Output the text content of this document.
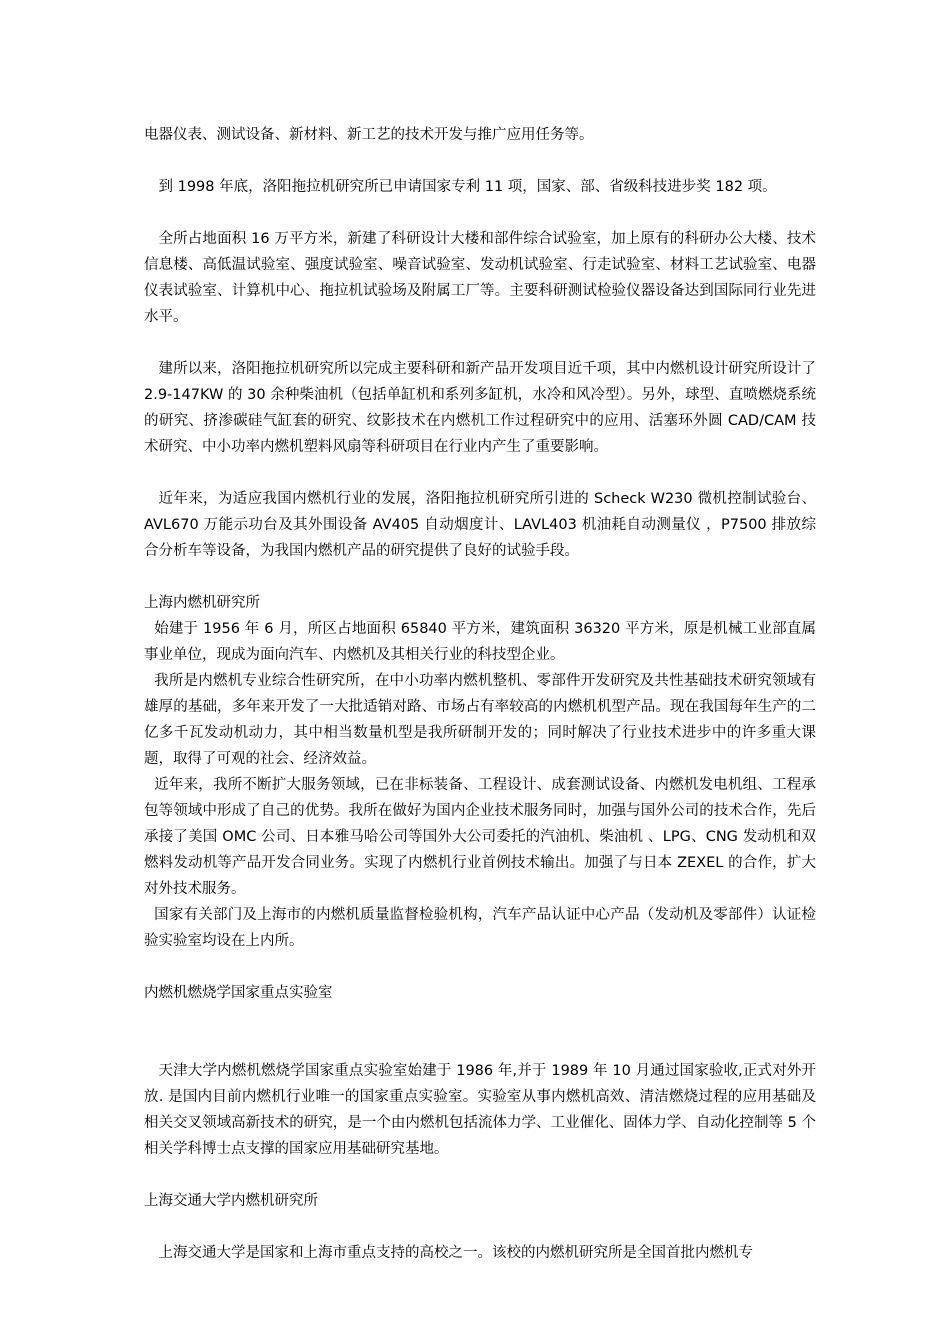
电器仪表、测试设备、新材料、新工艺的技术开发与推广应用任务等。

到 1998 年底，洛阳拖拉机研究所已申请国家专利 11 项，国家、部、省级科技进步奖 182 项。

全所占地面积 16 万平方米，新建了科研设计大楼和部件综合试验室，加上原有的科研办公大楼、技术信息楼、高低温试验室、强度试验室、噪音试验室、发动机试验室、行走试验室、材料工艺试验室、电器仪表试验室、计算机中心、拖拉机试验场及附属工厂等。主要科研测试检验仪器设备达到国际同行业先进水平。

建所以来，洛阳拖拉机研究所以完成主要科研和新产品开发项目近千项，其中内燃机设计研究所设计了 2.9-147KW 的 30 余种柴油机（包括单缸机和系列多缸机，水冷和风冷型）。另外，球型、直喷燃烧系统的研究、挤渗碳硅气缸套的研究、纹影技术在内燃机工作过程研究中的应用、活塞环外圆 CAD/CAM 技术研究、中小功率内燃机塑料风扇等科研项目在行业内产生了重要影响。

近年来，为适应我国内燃机行业的发展，洛阳拖拉机研究所引进的 Scheck W230 微机控制试验台、AVL670 万能示功台及其外围设备 AV405 自动烟度计、LAVL403 机油耗自动测量仪 ，P7500 排放综合分析车等设备，为我国内燃机产品的研究提供了良好的试验手段。

上海内燃机研究所

始建于 1956 年 6 月，所区占地面积 65840 平方米，建筑面积 36320 平方米，原是机械工业部直属事业单位，现成为面向汽车、内燃机及其相关行业的科技型企业。

我所是内燃机专业综合性研究所，在中小功率内燃机整机、零部件开发研究及共性基础技术研究领域有雄厚的基础，多年来开发了一大批适销对路、市场占有率较高的内燃机机型产品。现在我国每年生产的二亿多千瓦发动机动力，其中相当数量机型是我所研制开发的；同时解决了行业技术进步中的许多重大课题，取得了可观的社会、经济效益。

近年来，我所不断扩大服务领域，已在非标装备、工程设计、成套测试设备、内燃机发电机组、工程承包等领域中形成了自己的优势。我所在做好为国内企业技术服务同时，加强与国外公司的技术合作，先后承接了美国 OMC 公司、日本雅马哈公司等国外大公司委托的汽油机、柴油机 、LPG、CNG 发动机和双燃料发动机等产品开发合同业务。实现了内燃机行业首例技术输出。加强了与日本 ZEXEL 的合作，扩大对外技术服务。

国家有关部门及上海市的内燃机质量监督检验机构，汽车产品认证中心产品（发动机及零部件）认证检验实验室均设在上内所。

内燃机燃烧学国家重点实验室

天津大学内燃机燃烧学国家重点实验室始建于 1986 年,并于 1989 年 10 月通过国家验收,正式对外开放. 是国内目前内燃机行业唯一的国家重点实验室。实验室从事内燃机高效、清洁燃烧过程的应用基础及相关交叉领域高新技术的研究，是一个由内燃机包括流体力学、工业催化、固体力学、自动化控制等 5 个相关学科博士点支撑的国家应用基础研究基地。

上海交通大学内燃机研究所

上海交通大学是国家和上海市重点支持的高校之一。该校的内燃机研究所是全国首批内燃机专
